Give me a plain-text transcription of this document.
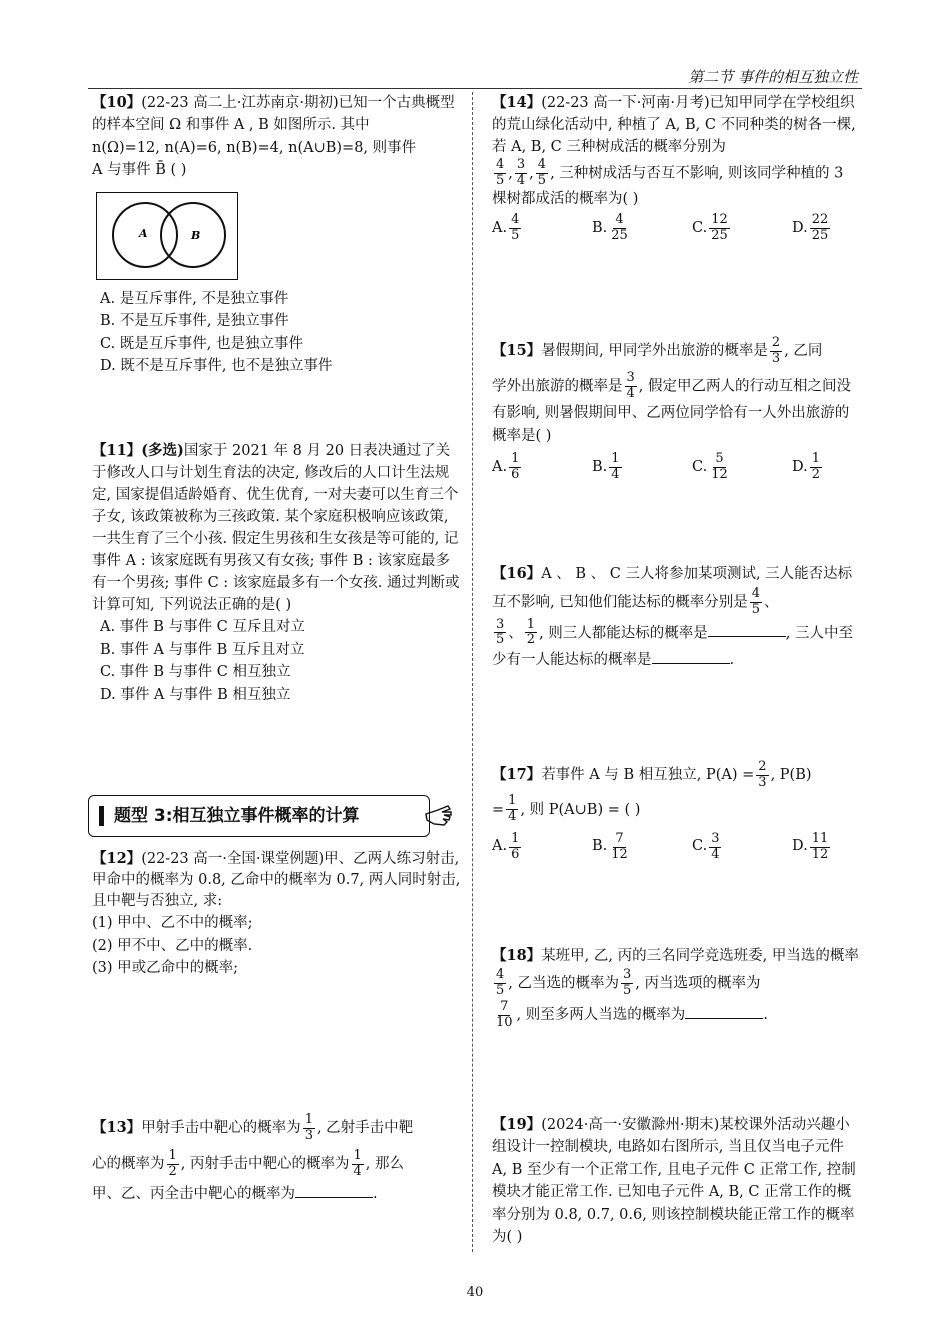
第二节 事件的相互独立性

【10】(22-23 高二上·江苏南京·期初)已知一个古典概型的样本空间 Ω 和事件 A , B 如图所示. 其中

n(Ω)=12, n(A)=6, n(B)=4, n(A∪B)=8, 则事件

A 与事件 B̄ ( )

A	B

A. 是互斥事件, 不是独立事件

B. 不是互斥事件, 是独立事件

C. 既是互斥事件, 也是独立事件

D. 既不是互斥事件, 也不是独立事件

【11】(多选)国家于 2021 年 8 月 20 日表决通过了关于修改人口与计划生育法的决定, 修改后的人口计生法规定, 国家提倡适龄婚育、优生优育, 一对夫妻可以生育三个子女, 该政策被称为三孩政策. 某个家庭积极响应该政策, 一共生育了三个小孩. 假定生男孩和生女孩是等可能的, 记事件 A : 该家庭既有男孩又有女孩; 事件 B : 该家庭最多有一个男孩; 事件 C : 该家庭最多有一个女孩. 通过判断或计算可知, 下列说法正确的是( )

A. 事件 B 与事件 C 互斥且对立

B. 事件 A 与事件 B 互斥且对立

C. 事件 B 与事件 C 相互独立

D. 事件 A 与事件 B 相互独立

题型 3:相互独立事件概率的计算

【12】(22-23 高一·全国·课堂例题)甲、乙两人练习射击, 甲命中的概率为 0.8, 乙命中的概率为 0.7, 两人同时射击, 且中靶与否独立, 求:

(1) 甲中、乙不中的概率;

(2) 甲不中、乙中的概率.

(3) 甲或乙命中的概率;

【13】甲射手击中靶心的概率为 $\frac{1}{3}$ , 乙射手击中靶

心的概率为 $\frac{1}{2}$ , 丙射手击中靶心的概率为 $\frac{1}{4}$ , 那么

甲、乙、丙全击中靶心的概率为	.

【14】(22-23 高一下·河南·月考)已知甲同学在学校组织的荒山绿化活动中, 种植了 A, B, C 不同种类的树各一棵, 若 A, B, C 三种树成活的概率分别为

$\frac{4}{5}$ , $\frac{3}{4}$ , $\frac{4}{5}$ , 三种树成活与否互不影响, 则该同学种植的 3 棵树都成活的概率为( )

A. $\frac{4}{5}$	B. $\frac{4}{25}$	C. $\frac{12}{25}$	D. $\frac{22}{25}$

【15】暑假期间, 甲同学外出旅游的概率是 $\frac{2}{3}$ , 乙同

学外出旅游的概率是 $\frac{3}{4}$ , 假定甲乙两人的行动互相之间没有影响, 则暑假期间甲、乙两位同学恰有一人外出旅游的概率是( )

A. $\frac{1}{6}$	B. $\frac{1}{4}$	C. $\frac{5}{12}$	D. $\frac{1}{2}$

【16】A 、 B 、 C 三人将参加某项测试, 三人能否达标互不影响, 已知他们能达标的概率分别是 $\frac{4}{5}$ 、

$\frac{3}{5}$ 、 $\frac{1}{2}$ , 则三人都能达标的概率是	, 三人中至少有一人能达标的概率是	.

【17】若事件 A 与 B 相互独立, $P(A) = \frac{2}{3}$ , P(B)

= $\frac{1}{4}$ , 则 P(A∪B) = ( )

A. $\frac{1}{6}$	B. $\frac{7}{12}$	C. $\frac{3}{4}$	D. $\frac{11}{12}$

【18】某班甲, 乙, 丙的三名同学竞选班委, 甲当选的概率
$\frac{4}{5}$ , 乙当选的概率为 $\frac{3}{5}$ , 丙当选项的概率为

$\frac{7}{10}$ , 则至多两人当选的概率为	.

【19】(2024·高一·安徽滁州·期末)某校课外活动兴趣小组设计一控制模块, 电路如右图所示, 当且仅当电子元件 A, B 至少有一个正常工作, 且电子元件 C 正常工作, 控制模块才能正常工作. 已知电子元件 A, B, C 正常工作的概率分别为 0.8, 0.7, 0.6, 则该控制模块能正常工作的概率为( )

40
